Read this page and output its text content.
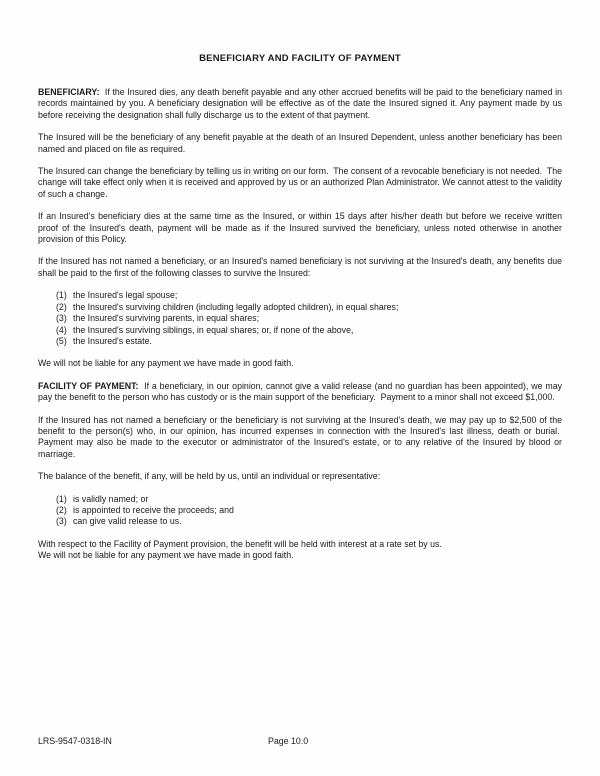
BENEFICIARY AND FACILITY OF PAYMENT

BENEFICIARY:  If the Insured dies, any death benefit payable and any other accrued benefits will be paid to the beneficiary named in records maintained by you. A beneficiary designation will be effective as of the date the Insured signed it. Any payment made by us before receiving the designation shall fully discharge us to the extent of that payment.

The Insured will be the beneficiary of any benefit payable at the death of an Insured Dependent, unless another beneficiary has been named and placed on file as required.

The Insured can change the beneficiary by telling us in writing on our form.  The consent of a revocable beneficiary is not needed.  The change will take effect only when it is received and approved by us or an authorized Plan Administrator. We cannot attest to the validity of such a change.

If an Insured's beneficiary dies at the same time as the Insured, or within 15 days after his/her death but before we receive written proof of the Insured's death, payment will be made as if the Insured survived the beneficiary, unless noted otherwise in another provision of this Policy.

If the Insured has not named a beneficiary, or an Insured's named beneficiary is not surviving at the Insured's death, any benefits due shall be paid to the first of the following classes to survive the Insured:

(1) the Insured's legal spouse;
(2) the Insured's surviving children (including legally adopted children), in equal shares;
(3) the Insured's surviving parents, in equal shares;
(4) the Insured's surviving siblings, in equal shares; or, if none of the above,
(5) the Insured's estate.

We will not be liable for any payment we have made in good faith.

FACILITY OF PAYMENT:  If a beneficiary, in our opinion, cannot give a valid release (and no guardian has been appointed), we may pay the benefit to the person who has custody or is the main support of the beneficiary.  Payment to a minor shall not exceed $1,000.

If the Insured has not named a beneficiary or the beneficiary is not surviving at the Insured's death, we may pay up to $2,500 of the benefit to the person(s) who, in our opinion, has incurred expenses in connection with the Insured's last illness, death or burial.  Payment may also be made to the executor or administrator of the Insured's estate, or to any relative of the Insured by blood or marriage.

The balance of the benefit, if any, will be held by us, until an individual or representative:

(1) is validly named; or
(2) is appointed to receive the proceeds; and
(3) can give valid release to us.

With respect to the Facility of Payment provision, the benefit will be held with interest at a rate set by us.
We will not be liable for any payment we have made in good faith.

LRS-9547-0318-IN	Page 10.0
